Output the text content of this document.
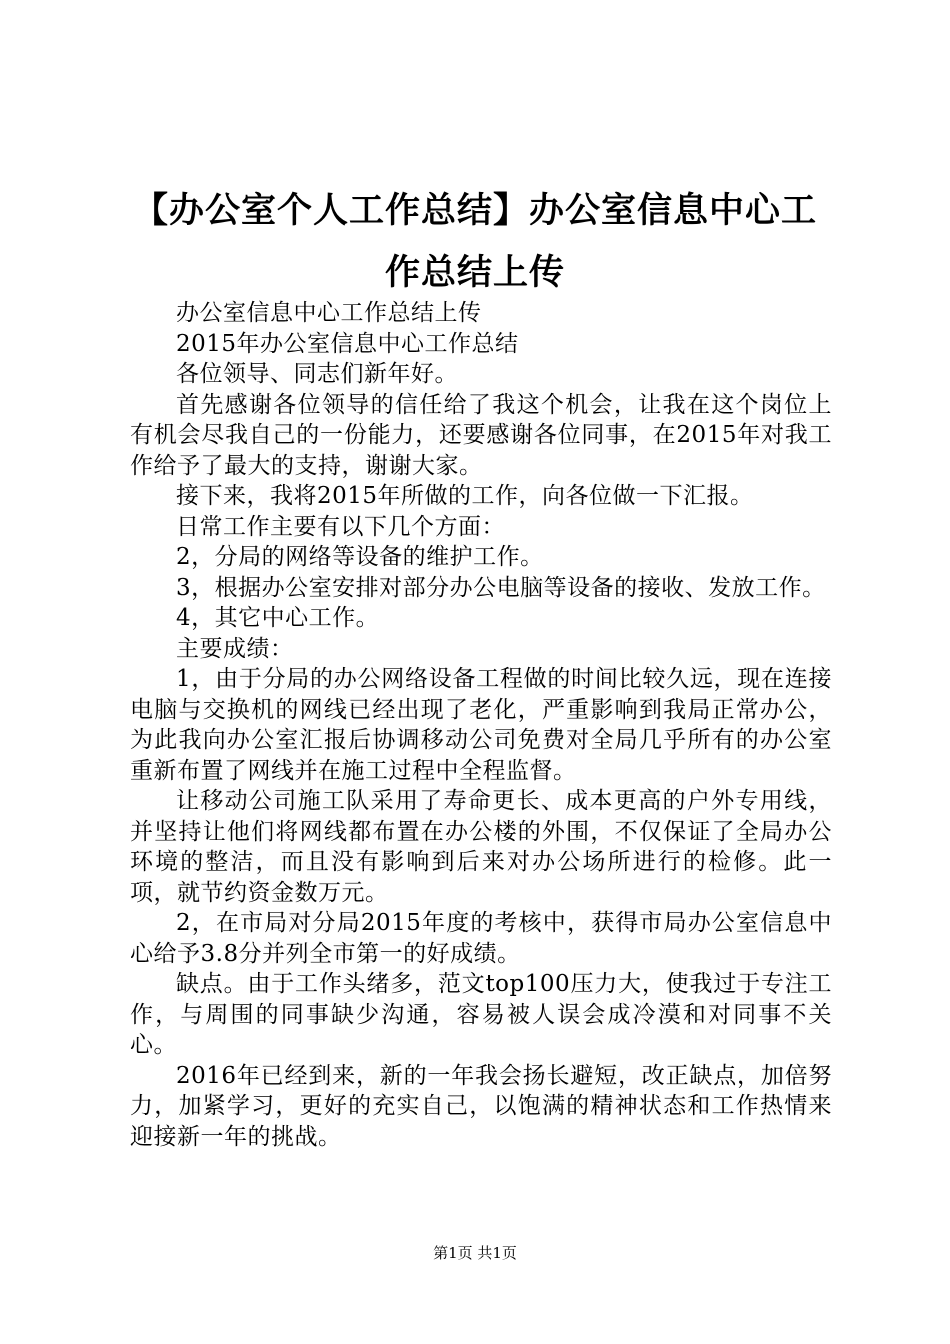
【办公室个人工作总结】办公室信息中心工作总结上传

办公室信息中心工作总结上传

2015年办公室信息中心工作总结

各位领导、同志们新年好。

首先感谢各位领导的信任给了我这个机会，让我在这个岗位上有机会尽我自己的一份能力，还要感谢各位同事，在2015年对我工作给予了最大的支持，谢谢大家。

接下来，我将2015年所做的工作，向各位做一下汇报。

日常工作主要有以下几个方面：

2，分局的网络等设备的维护工作。

3，根据办公室安排对部分办公电脑等设备的接收、发放工作。

4，其它中心工作。

主要成绩：

1，由于分局的办公网络设备工程做的时间比较久远，现在连接电脑与交换机的网线已经出现了老化，严重影响到我局正常办公，为此我向办公室汇报后协调移动公司免费对全局几乎所有的办公室重新布置了网线并在施工过程中全程监督。

让移动公司施工队采用了寿命更长、成本更高的户外专用线，并坚持让他们将网线都布置在办公楼的外围，不仅保证了全局办公环境的整洁，而且没有影响到后来对办公场所进行的检修。此一项，就节约资金数万元。

2，在市局对分局2015年度的考核中，获得市局办公室信息中心给予3.8分并列全市第一的好成绩。

缺点。由于工作头绪多，范文top100压力大，使我过于专注工作，与周围的同事缺少沟通，容易被人误会成冷漠和对同事不关心。

2016年已经到来，新的一年我会扬长避短，改正缺点，加倍努力，加紧学习，更好的充实自己，以饱满的精神状态和工作热情来迎接新一年的挑战。

第1页 共1页
